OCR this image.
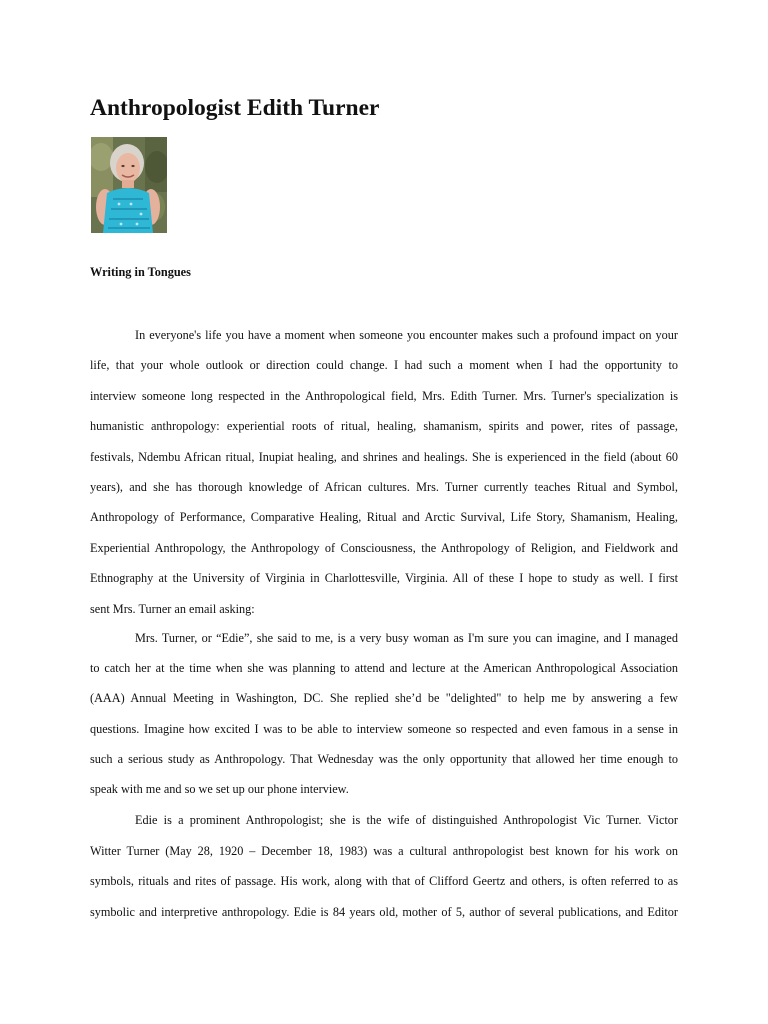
Anthropologist Edith Turner
Writing in Tongues

In everyone's life you have a moment when someone you encounter makes such a profound impact on your
life, that your whole outlook or direction could change. I had such a moment when I had the opportunity to
interview someone long respected in the Anthropological field, Mrs. Edith Turner. Mrs. Turner's specialization is
humanistic anthropology: experiential roots of ritual, healing, shamanism, spirits and power, rites of passage,
festivals, Ndembu African ritual, Inupiat healing, and shrines and healings. She is experienced in the field (about 60
years), and she has thorough knowledge of African cultures. Mrs. Turner currently teaches Ritual and Symbol,
Anthropology of Performance, Comparative Healing, Ritual and Arctic Survival, Life Story, Shamanism, Healing,
Experiential Anthropology, the Anthropology of Consciousness, the Anthropology of Religion, and Fieldwork and
Ethnography at the University of Virginia in Charlottesville, Virginia. All of these I hope to study as well. I first
sent Mrs. Turner an email asking:

Mrs. Turner, or “Edie”, she said to me, is a very busy woman as I'm sure you can imagine, and I managed
to catch her at the time when she was planning to attend and lecture at the American Anthropological Association
(AAA) Annual Meeting in Washington, DC. She replied she’d be "delighted" to help me by answering a few
questions. Imagine how excited I was to be able to interview someone so respected and even famous in a sense in
such a serious study as Anthropology. That Wednesday was the only opportunity that allowed her time enough to
speak with me and so we set up our phone interview.

Edie is a prominent Anthropologist; she is the wife of distinguished Anthropologist Vic Turner. Victor
Witter Turner (May 28, 1920 – December 18, 1983) was a cultural anthropologist best known for his work on
symbols, rituals and rites of passage. His work, along with that of Clifford Geertz and others, is often referred to as
symbolic and interpretive anthropology. Edie is 84 years old, mother of 5, author of several publications, and Editor
